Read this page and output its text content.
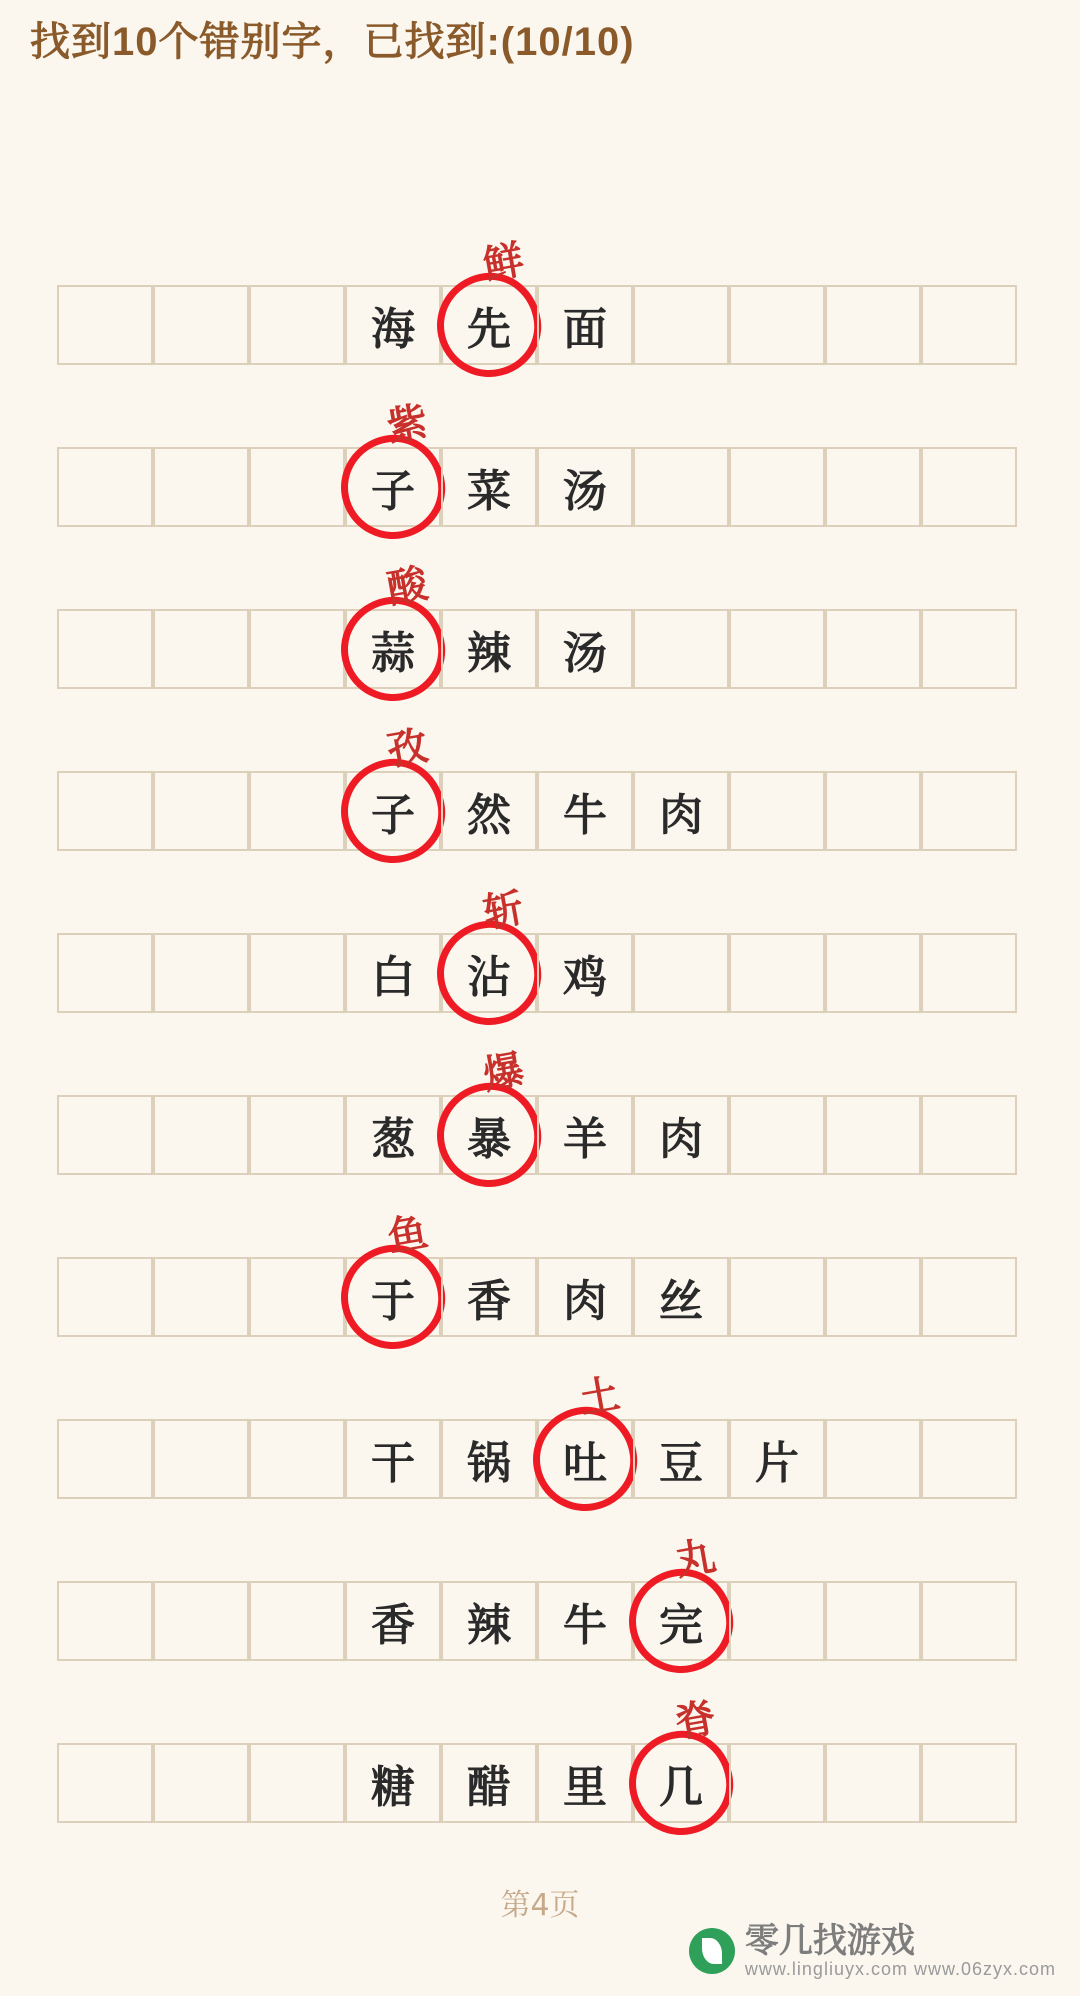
找到10个错别字，已找到:(10/10)
海	先
鲜
面
子
紫
菜	汤
蒜
酸
辣	汤
子
孜
然	牛	肉
白	沾
斩
鸡
葱	暴
爆
羊	肉
于
鱼
香	肉	丝
干	锅	吐
土
豆	片
香	辣	牛	完
丸
糖	醋	里	几
脊
第4页
零几找游戏
www.lingliuyx.com www.06zyx.com
